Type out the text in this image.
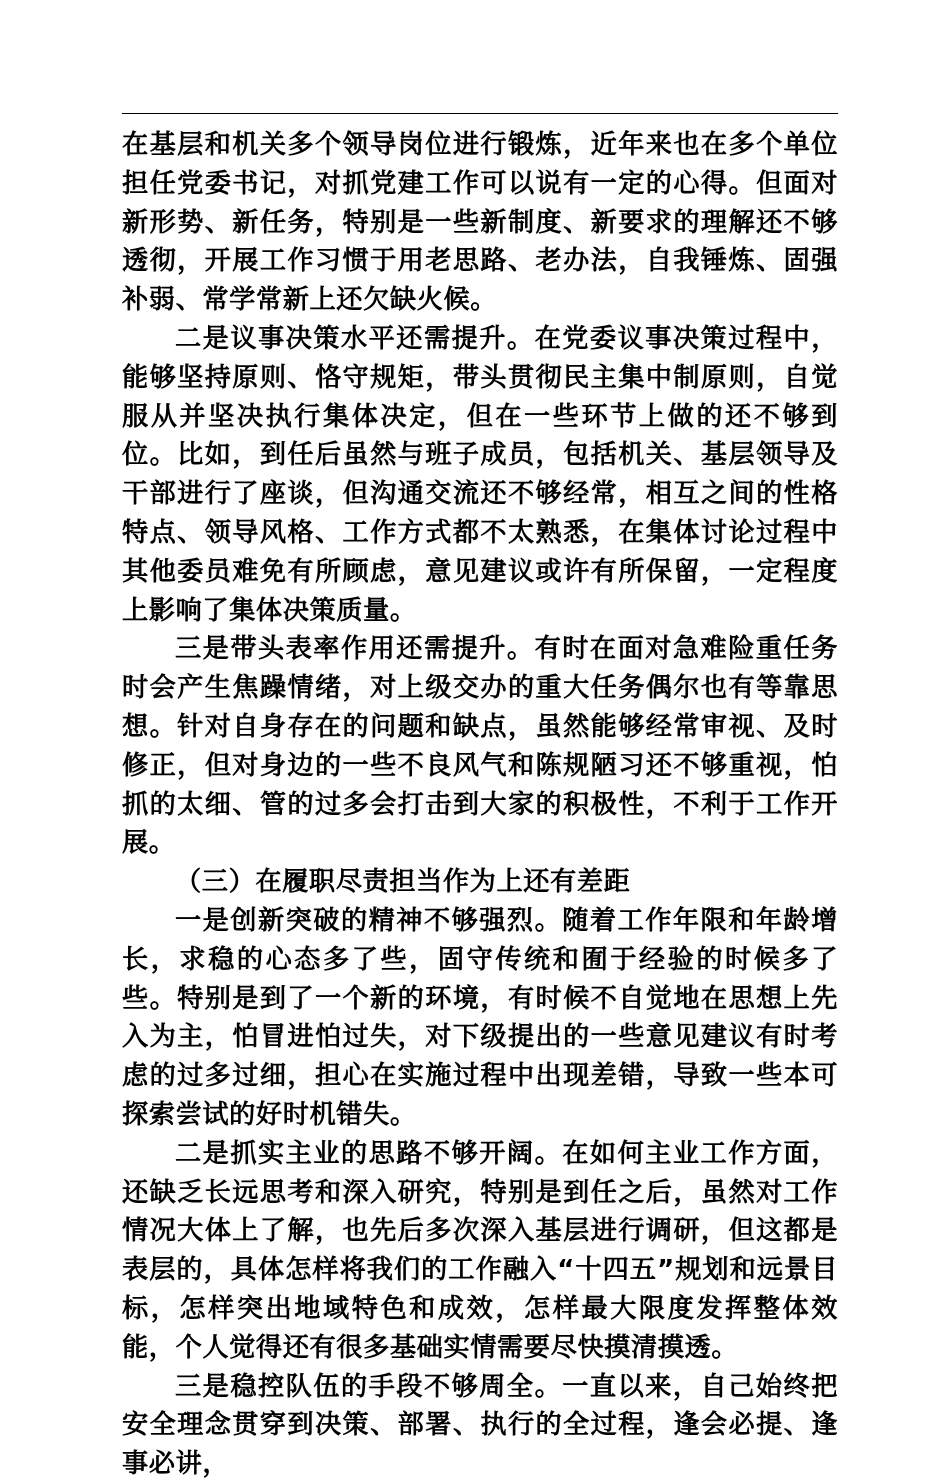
在基层和机关多个领导岗位进行锻炼，近年来也在多个单位担任党委书记，对抓党建工作可以说有一定的心得。但面对新形势、新任务，特别是一些新制度、新要求的理解还不够透彻，开展工作习惯于用老思路、老办法，自我锤炼、固强补弱、常学常新上还欠缺火候。

二是议事决策水平还需提升。在党委议事决策过程中，能够坚持原则、恪守规矩，带头贯彻民主集中制原则，自觉服从并坚决执行集体决定，但在一些环节上做的还不够到位。比如，到任后虽然与班子成员，包括机关、基层领导及干部进行了座谈，但沟通交流还不够经常，相互之间的性格特点、领导风格、工作方式都不太熟悉，在集体讨论过程中其他委员难免有所顾虑，意见建议或许有所保留，一定程度上影响了集体决策质量。

三是带头表率作用还需提升。有时在面对急难险重任务时会产生焦躁情绪，对上级交办的重大任务偶尔也有等靠思想。针对自身存在的问题和缺点，虽然能够经常审视、及时修正，但对身边的一些不良风气和陈规陋习还不够重视，怕抓的太细、管的过多会打击到大家的积极性，不利于工作开展。

（三）在履职尽责担当作为上还有差距

一是创新突破的精神不够强烈。随着工作年限和年龄增长，求稳的心态多了些，固守传统和囿于经验的时候多了些。特别是到了一个新的环境，有时候不自觉地在思想上先入为主，怕冒进怕过失，对下级提出的一些意见建议有时考虑的过多过细，担心在实施过程中出现差错，导致一些本可探索尝试的好时机错失。

二是抓实主业的思路不够开阔。在如何主业工作方面，还缺乏长远思考和深入研究，特别是到任之后，虽然对工作情况大体上了解，也先后多次深入基层进行调研，但这都是表层的，具体怎样将我们的工作融入“十四五”规划和远景目标，怎样突出地域特色和成效，怎样最大限度发挥整体效能，个人觉得还有很多基础实情需要尽快摸清摸透。

三是稳控队伍的手段不够周全。一直以来，自己始终把安全理念贯穿到决策、部署、执行的全过程，逢会必提、逢事必讲，
